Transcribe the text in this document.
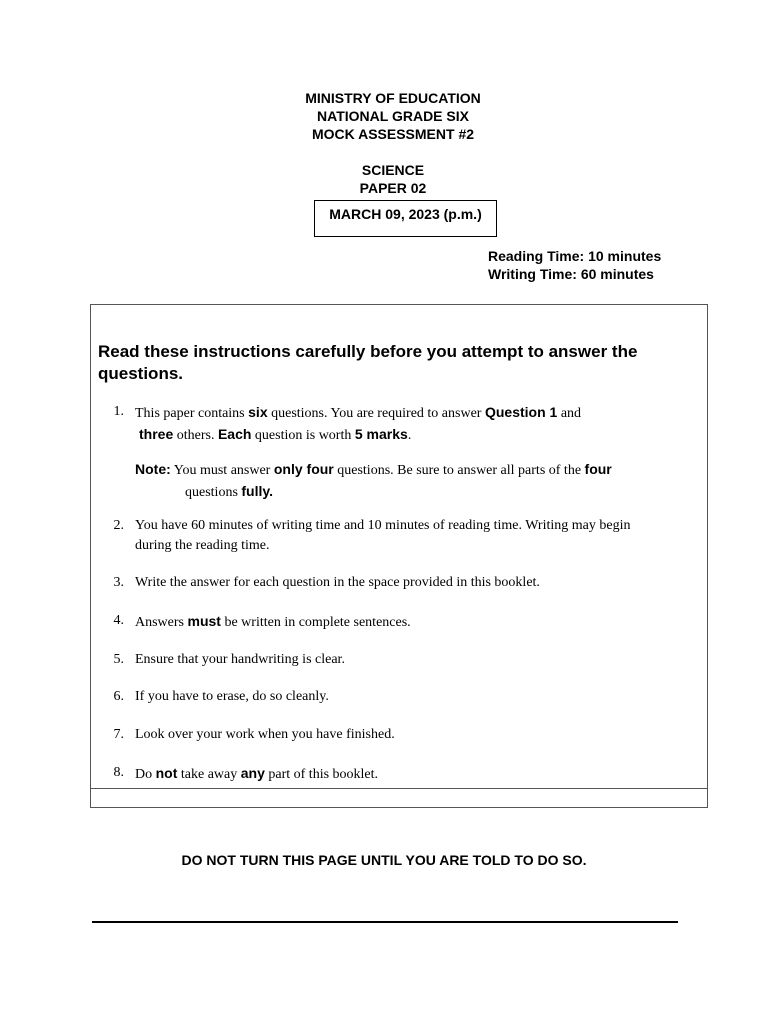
MINISTRY OF EDUCATION
NATIONAL GRADE SIX
MOCK ASSESSMENT #2
SCIENCE
PAPER 02
MARCH 09, 2023 (p.m.)
Reading Time: 10 minutes
Writing Time: 60 minutes
Read these instructions carefully before you attempt to answer the questions.
1. This paper contains six questions. You are required to answer Question 1 and
three others. Each question is worth 5 marks.
Note: You must answer only four questions. Be sure to answer all parts of the four
questions fully.
2. You have 60 minutes of writing time and 10 minutes of reading time. Writing may begin during the reading time.
3. Write the answer for each question in the space provided in this booklet.
4. Answers must be written in complete sentences.
5. Ensure that your handwriting is clear.
6. If you have to erase, do so cleanly.
7. Look over your work when you have finished.
8. Do not take away any part of this booklet.
DO NOT TURN THIS PAGE UNTIL YOU ARE TOLD TO DO SO.
